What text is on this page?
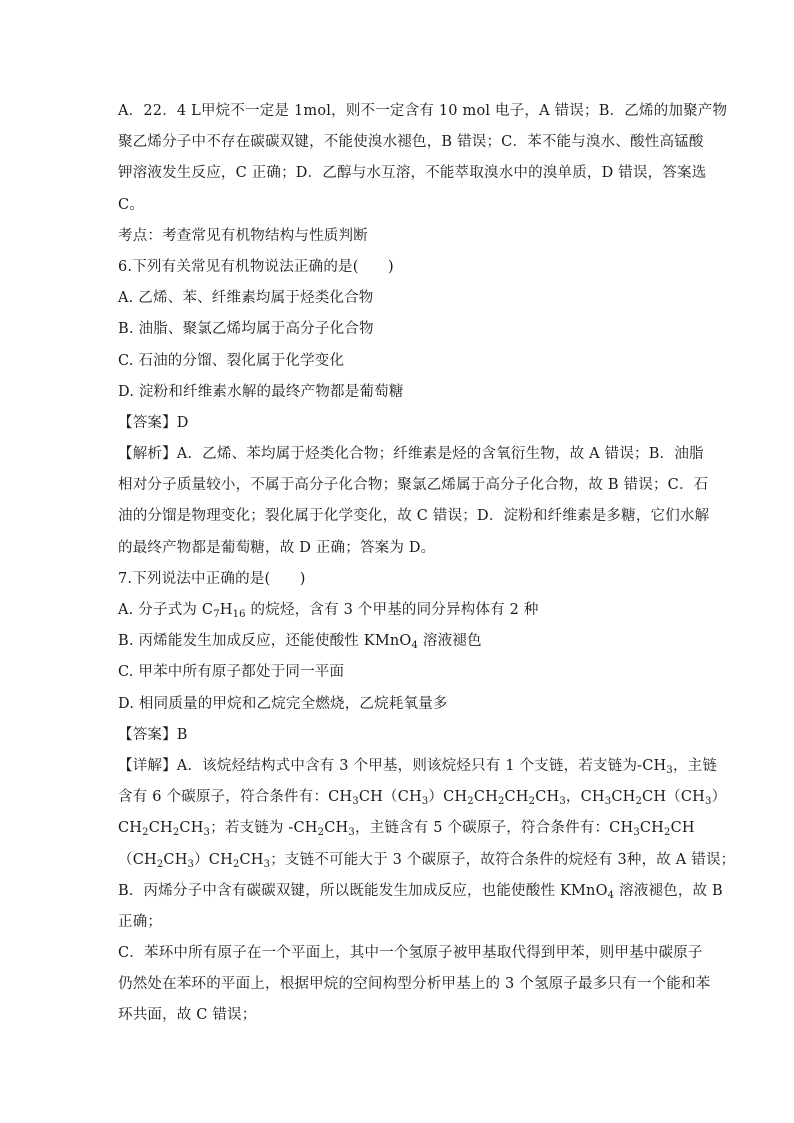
A．22．4 L甲烷不一定是 1mol，则不一定含有 10 mol 电子，A 错误；B．乙烯的加聚产物
聚乙烯分子中不存在碳碳双键，不能使溴水褪色，B 错误；C．苯不能与溴水、酸性高锰酸
钾溶液发生反应，C 正确；D．乙醇与水互溶，不能萃取溴水中的溴单质，D 错误，答案选
C。
考点：考查常见有机物结构与性质判断
6.下列有关常见有机物说法正确的是(　　)
A. 乙烯、苯、纤维素均属于烃类化合物
B. 油脂、聚氯乙烯均属于高分子化合物
C. 石油的分馏、裂化属于化学变化
D. 淀粉和纤维素水解的最终产物都是葡萄糖
【答案】D
【解析】A．乙烯、苯均属于烃类化合物；纤维素是烃的含氧衍生物，故 A 错误；B．油脂
相对分子质量较小，不属于高分子化合物；聚氯乙烯属于高分子化合物，故 B 错误；C．石
油的分馏是物理变化；裂化属于化学变化，故 C 错误；D．淀粉和纤维素是多糖，它们水解
的最终产物都是葡萄糖，故 D 正确；答案为 D。
7.下列说法中正确的是(　　)
A. 分子式为 $C_7H_{16}$ 的烷烃，含有 3 个甲基的同分异构体有 2 种
B. 丙烯能发生加成反应，还能使酸性 KMnO$_4$ 溶液褪色
C. 甲苯中所有原子都处于同一平面
D. 相同质量的甲烷和乙烷完全燃烧，乙烷耗氧量多
【答案】B
【详解】A．该烷烃结构式中含有 3 个甲基，则该烷烃只有 1 个支链，若支链为$-CH_3$，主链
含有 6 个碳原子，符合条件有：$CH_3CH(CH_3)CH_2CH_2CH_2CH_3$，$CH_3CH_2CH(CH_3)$
$CH_2CH_2CH_3$；若支链为 $-CH_2CH_3$，主链含有 5 个碳原子，符合条件有：$CH_3CH_2CH$
$(CH_2CH_3)CH_2CH_3$；支链不可能大于 3 个碳原子，故符合条件的烷烃有 3种，故 A 错误；
B．丙烯分子中含有碳碳双键，所以既能发生加成反应，也能使酸性 KMnO$_4$ 溶液褪色，故 B
正确；
C．苯环中所有原子在一个平面上，其中一个氢原子被甲基取代得到甲苯，则甲基中碳原子
仍然处在苯环的平面上，根据甲烷的空间构型分析甲基上的 3 个氢原子最多只有一个能和苯
环共面，故 C 错误；
